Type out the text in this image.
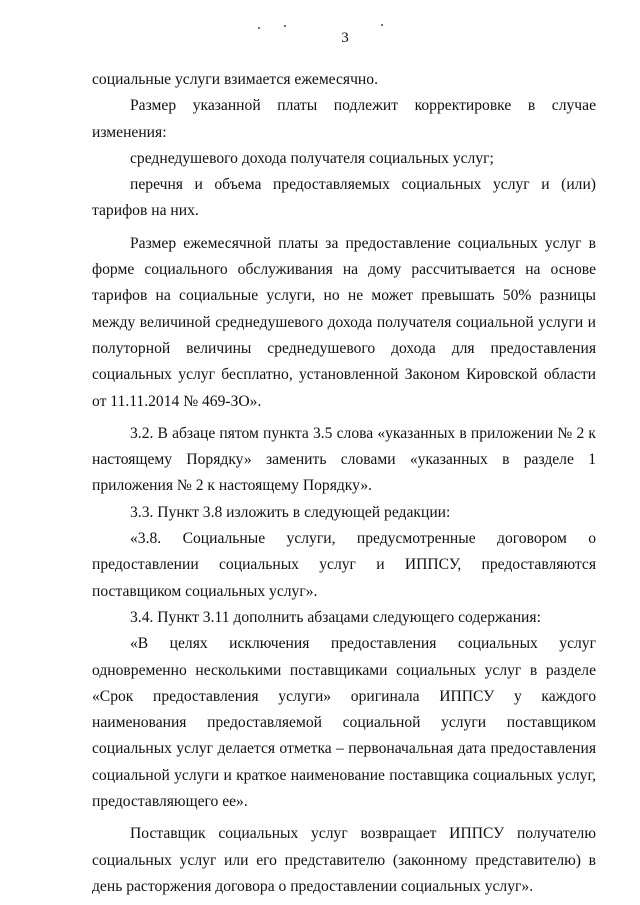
3

социальные услуги взимается ежемесячно.

Размер указанной платы подлежит корректировке в случае изменения:

среднедушевого дохода получателя социальных услуг;

перечня и объема предоставляемых социальных услуг и (или) тарифов на них.

Размер ежемесячной платы за предоставление социальных услуг в форме социального обслуживания на дому рассчитывается на основе тарифов на социальные услуги, но не может превышать 50% разницы между величиной среднедушевого дохода получателя социальной услуги и полуторной величины среднедушевого дохода для предоставления социальных услуг бесплатно, установленной Законом Кировской области от 11.11.2014 № 469-ЗО».

3.2. В абзаце пятом пункта 3.5 слова «указанных в приложении № 2 к настоящему Порядку» заменить словами «указанных в разделе 1 приложения № 2 к настоящему Порядку».

3.3. Пункт 3.8 изложить в следующей редакции:

«3.8. Социальные услуги, предусмотренные договором о предоставлении социальных услуг и ИППСУ, предоставляются поставщиком социальных услуг».

3.4. Пункт 3.11 дополнить абзацами следующего содержания:

«В целях исключения предоставления социальных услуг одновременно несколькими поставщиками социальных услуг в разделе «Срок предоставления услуги» оригинала ИППСУ у каждого наименования предоставляемой социальной услуги поставщиком социальных услуг делается отметка – первоначальная дата предоставления социальной услуги и краткое наименование поставщика социальных услуг, предоставляющего ее».

Поставщик социальных услуг возвращает ИППСУ получателю социальных услуг или его представителю (законному представителю) в день расторжения договора о предоставлении социальных услуг».
